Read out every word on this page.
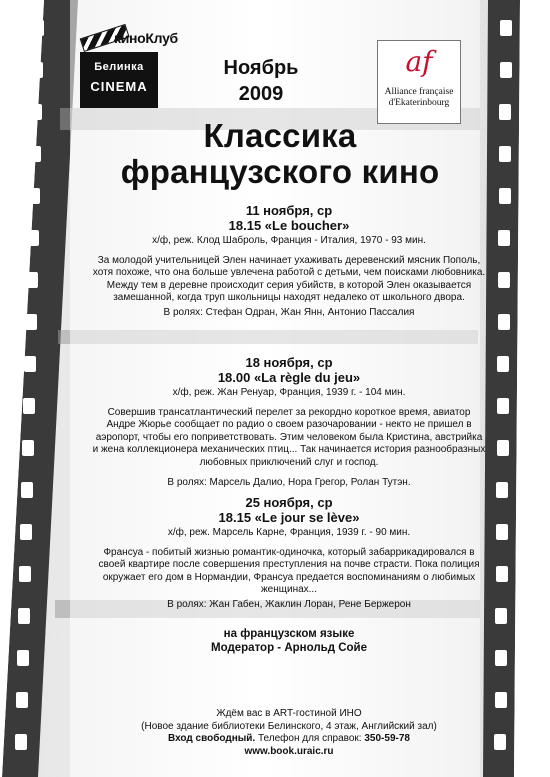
киноКлуб
Белинка
CINEMA
af
Alliance française
d'Ekaterinbourg
Ноябрь
2009
Классика
французского кино
11 ноября, ср
18.15 «Le boucher»
х/ф, реж. Клод Шаброль, Франция - Италия, 1970 - 93 мин.
За молодой учительницей Элен начинает ухаживать деревенский мясник Пополь, хотя похоже, что она больше увлечена работой с детьми, чем поисками любовника. Между тем в деревне происходит серия убийств, в которой Элен оказывается замешанной, когда труп школьницы находят недалеко от школьного двора.
В ролях: Стефан Одран, Жан Янн, Антонио Пассалия
18 ноября, ср
18.00 «La règle du jeu»
х/ф, реж. Жан Ренуар, Франция, 1939 г. - 104 мин.
Совершив трансатлантический перелет за рекордно короткое время, авиатор Андре Жюрье сообщает по радио о своем разочаровании - некто не пришел в аэропорт, чтобы его поприветствовать. Этим человеком была Кристина, австрийка и жена коллекционера механических птиц... Так начинается история разнообразных любовных приключений слуг и господ.
В ролях: Марсель Далио, Нора Грегор, Ролан Тутэн.
25 ноября, ср
18.15 «Le jour se lève»
х/ф, реж. Марсель Карне, Франция, 1939 г. - 90 мин.
Франсуа - побитый жизнью романтик-одиночка, который забаррикадировался в своей квартире после совершения преступления на почве страсти. Пока полиция окружает его дом в Нормандии, Франсуа предается воспоминаниям о любимых женщинах...
В ролях: Жан Габен, Жаклин Лоран, Рене Бержерон
на французском языке
Модератор - Арнольд Сойе
Ждём вас в ART-гостиной ИНО
(Новое здание библиотеки Белинского, 4 этаж, Английский зал)
Вход свободный. Телефон для справок: 350-59-78
www.book.uraic.ru
